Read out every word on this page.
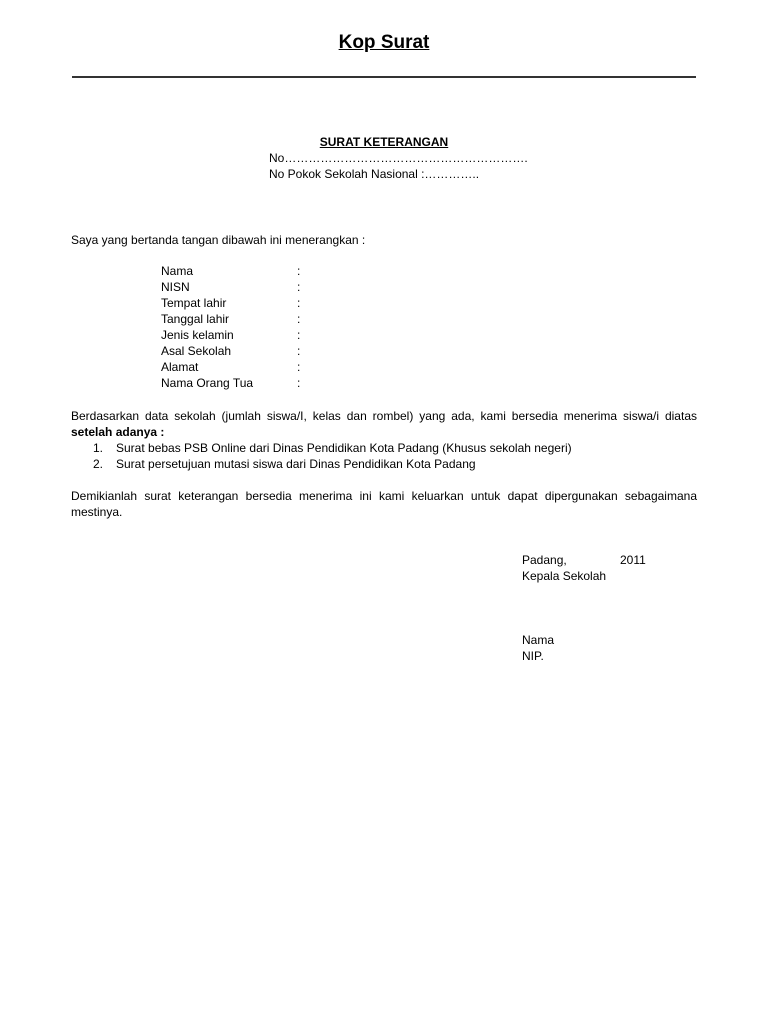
Kop Surat
SURAT KETERANGAN
No…………………………………………………….
No Pokok Sekolah Nasional :…………..
Saya yang bertanda tangan dibawah ini menerangkan :
Nama	:
NISN	:
Tempat lahir	:
Tanggal lahir	:
Jenis kelamin	:
Asal Sekolah	:
Alamat	:
Nama Orang Tua	:
Berdasarkan data sekolah (jumlah siswa/I, kelas dan rombel) yang ada, kami bersedia menerima siswa/i diatas setelah adanya :
1. Surat bebas PSB Online dari Dinas Pendidikan Kota Padang (Khusus sekolah negeri)
2. Surat persetujuan mutasi siswa dari Dinas Pendidikan Kota Padang
Demikianlah surat keterangan bersedia menerima ini kami keluarkan untuk dapat dipergunakan sebagaimana mestinya.
Padang,	2011
Kepala Sekolah
Nama
NIP.
